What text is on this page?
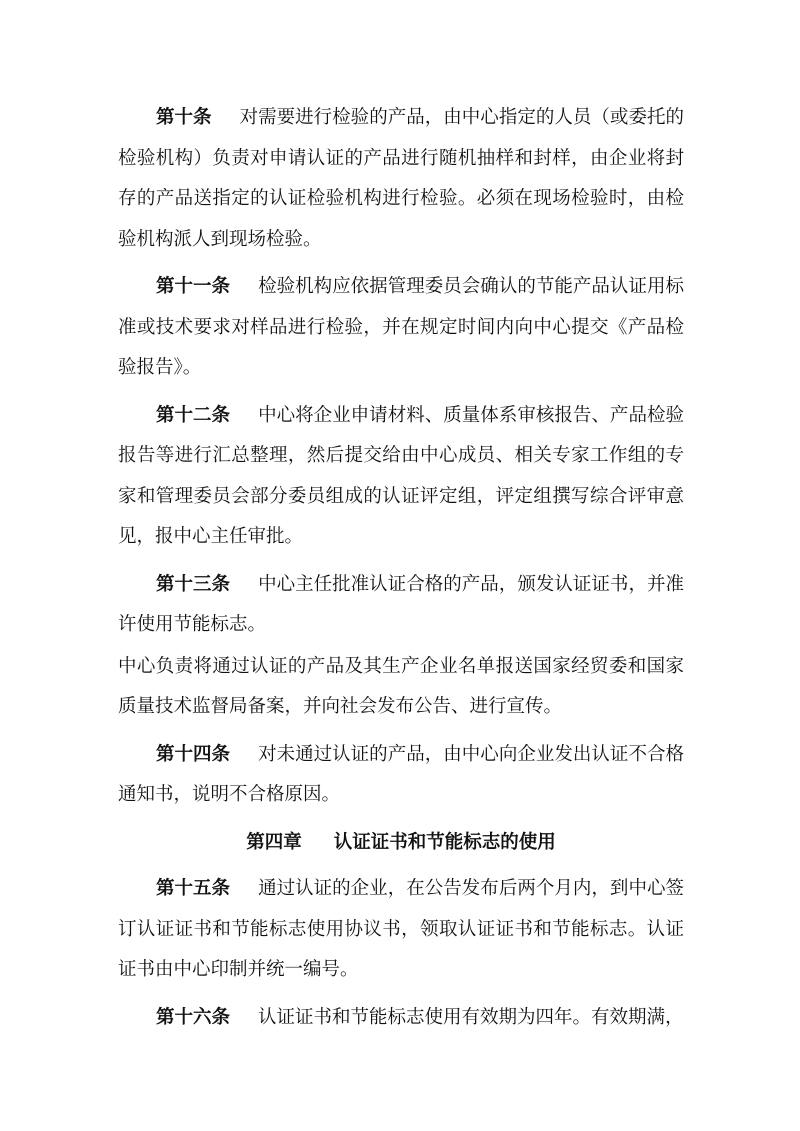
第十条 对需要进行检验的产品，由中心指定的人员（或委托的检验机构）负责对申请认证的产品进行随机抽样和封样，由企业将封存的产品送指定的认证检验机构进行检验。必须在现场检验时，由检验机构派人到现场检验。

第十一条 检验机构应依据管理委员会确认的节能产品认证用标准或技术要求对样品进行检验，并在规定时间内向中心提交《产品检验报告》。

第十二条 中心将企业申请材料、质量体系审核报告、产品检验报告等进行汇总整理，然后提交给由中心成员、相关专家工作组的专家和管理委员会部分委员组成的认证评定组，评定组撰写综合评审意见，报中心主任审批。

第十三条 中心主任批准认证合格的产品，颁发认证证书，并准许使用节能标志。

中心负责将通过认证的产品及其生产企业名单报送国家经贸委和国家质量技术监督局备案，并向社会发布公告、进行宣传。

第十四条 对未通过认证的产品，由中心向企业发出认证不合格通知书，说明不合格原因。

第四章 认证证书和节能标志的使用

第十五条 通过认证的企业，在公告发布后两个月内，到中心签订认证证书和节能标志使用协议书，领取认证证书和节能标志。认证证书由中心印制并统一编号。

第十六条 认证证书和节能标志使用有效期为四年。有效期满，
